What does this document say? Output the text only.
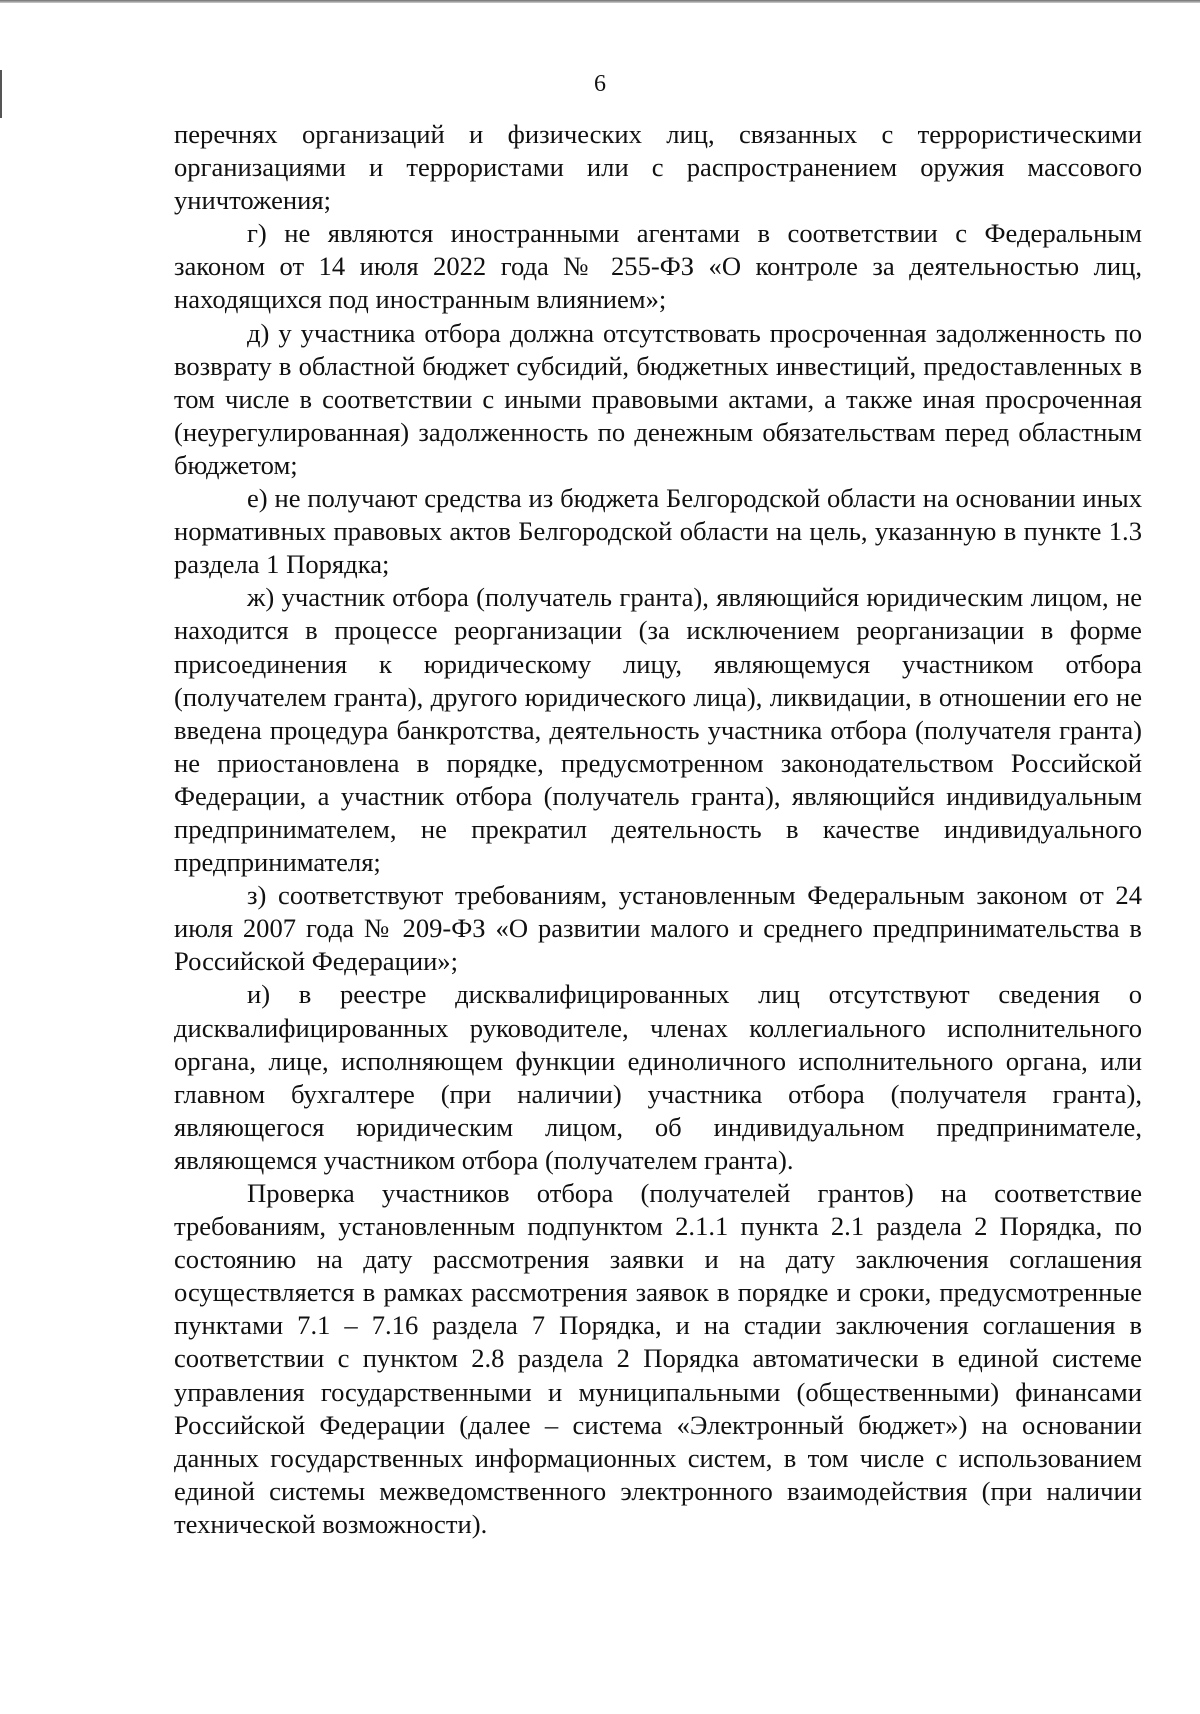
6

перечнях организаций и физических лиц, связанных с террористическими организациями и террористами или с распространением оружия массового уничтожения;

г) не являются иностранными агентами в соответствии с Федеральным законом от 14 июля 2022 года № 255-ФЗ «О контроле за деятельностью лиц, находящихся под иностранным влиянием»;

д) у участника отбора должна отсутствовать просроченная задолженность по возврату в областной бюджет субсидий, бюджетных инвестиций, предоставленных в том числе в соответствии с иными правовыми актами, а также иная просроченная (неурегулированная) задолженность по денежным обязательствам перед областным бюджетом;

е) не получают средства из бюджета Белгородской области на основании иных нормативных правовых актов Белгородской области на цель, указанную в пункте 1.3 раздела 1 Порядка;

ж) участник отбора (получатель гранта), являющийся юридическим лицом, не находится в процессе реорганизации (за исключением реорганизации в форме присоединения к юридическому лицу, являющемуся участником отбора (получателем гранта), другого юридического лица), ликвидации, в отношении его не введена процедура банкротства, деятельность участника отбора (получателя гранта) не приостановлена в порядке, предусмотренном законодательством Российской Федерации, а участник отбора (получатель гранта), являющийся индивидуальным предпринимателем, не прекратил деятельность в качестве индивидуального предпринимателя;

з) соответствуют требованиям, установленным Федеральным законом от 24 июля 2007 года № 209-ФЗ «О развитии малого и среднего предпринимательства в Российской Федерации»;

и) в реестре дисквалифицированных лиц отсутствуют сведения о дисквалифицированных руководителе, членах коллегиального исполнительного органа, лице, исполняющем функции единоличного исполнительного органа, или главном бухгалтере (при наличии) участника отбора (получателя гранта), являющегося юридическим лицом, об индивидуальном предпринимателе, являющемся участником отбора (получателем гранта).

Проверка участников отбора (получателей грантов) на соответствие требованиям, установленным подпунктом 2.1.1 пункта 2.1 раздела 2 Порядка, по состоянию на дату рассмотрения заявки и на дату заключения соглашения осуществляется в рамках рассмотрения заявок в порядке и сроки, предусмотренные пунктами 7.1 – 7.16 раздела 7 Порядка, и на стадии заключения соглашения в соответствии с пунктом 2.8 раздела 2 Порядка автоматически в единой системе управления государственными и муниципальными (общественными) финансами Российской Федерации (далее – система «Электронный бюджет») на основании данных государственных информационных систем, в том числе с использованием единой системы межведомственного электронного взаимодействия (при наличии технической возможности).
